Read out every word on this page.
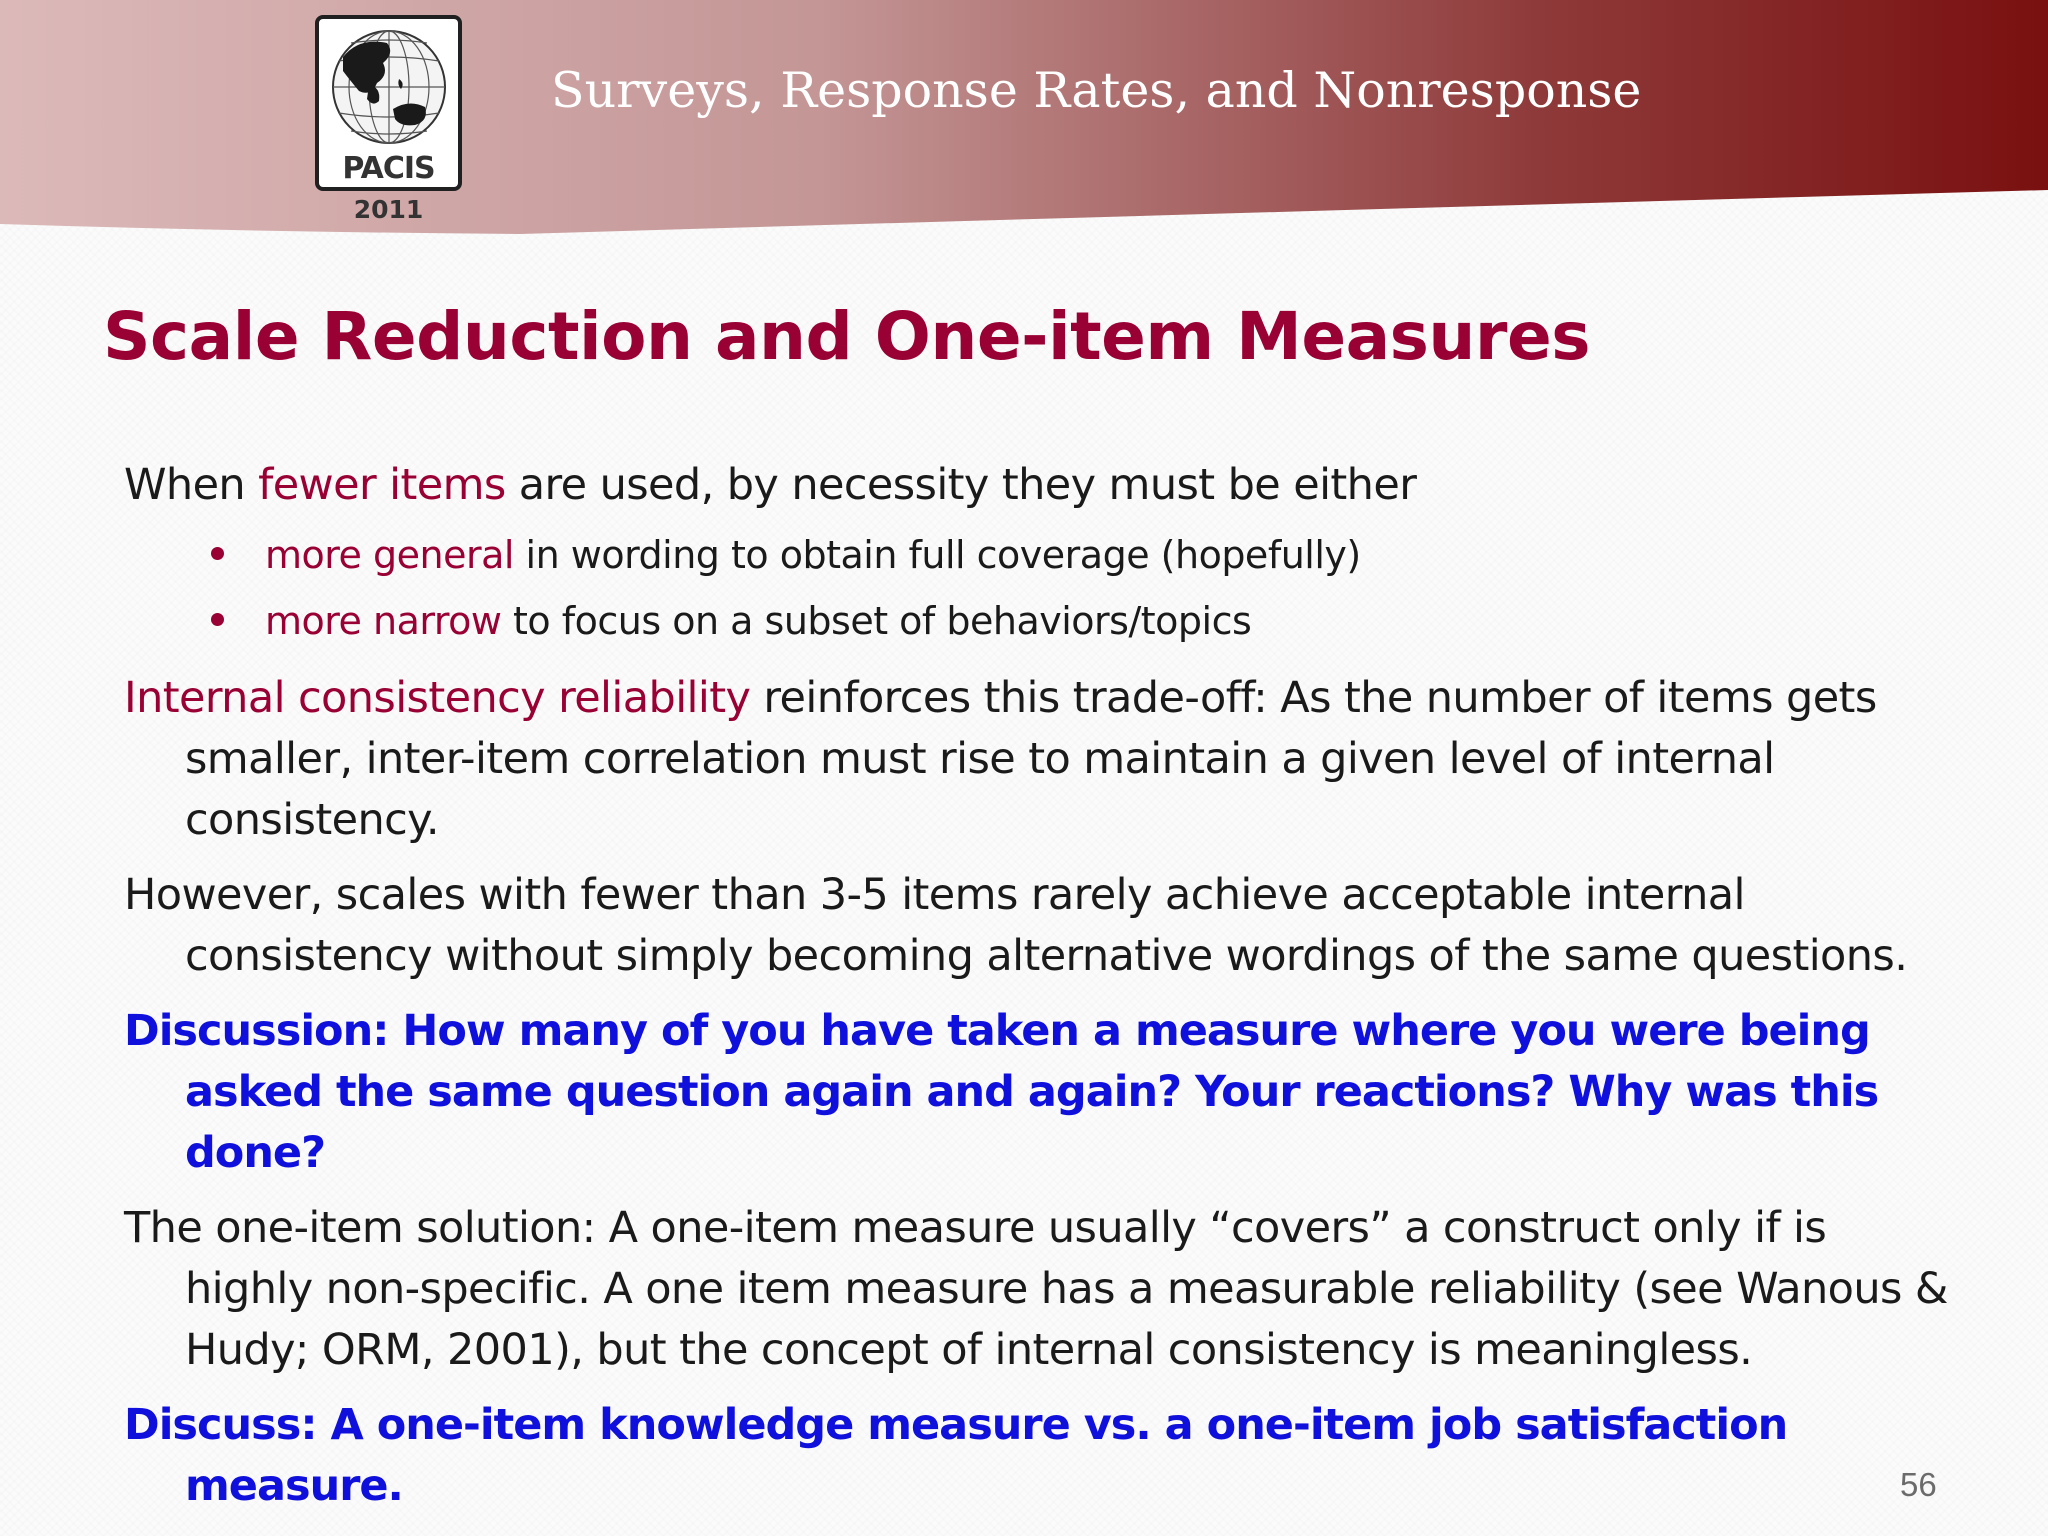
PACIS
2011
Surveys, Response Rates, and Nonresponse
Scale Reduction and One-item Measures

When fewer items are used, by necessity they must be either

more general in wording to obtain full coverage (hopefully)
more narrow to focus on a subset of behaviors/topics

Internal consistency reliability reinforces this trade-off: As the number of items gets smaller, inter-item correlation must rise to maintain a given level of internal consistency.

However, scales with fewer than 3-5 items rarely achieve acceptable internal consistency without simply becoming alternative wordings of the same questions.

Discussion: How many of you have taken a measure where you were being asked the same question again and again? Your reactions? Why was this done?

The one-item solution: A one-item measure usually “covers” a construct only if is highly non-specific. A one item measure has a measurable reliability (see Wanous & Hudy; ORM, 2001), but the concept of internal consistency is meaningless.

Discuss: A one-item knowledge measure vs. a one-item job satisfaction measure.	56
